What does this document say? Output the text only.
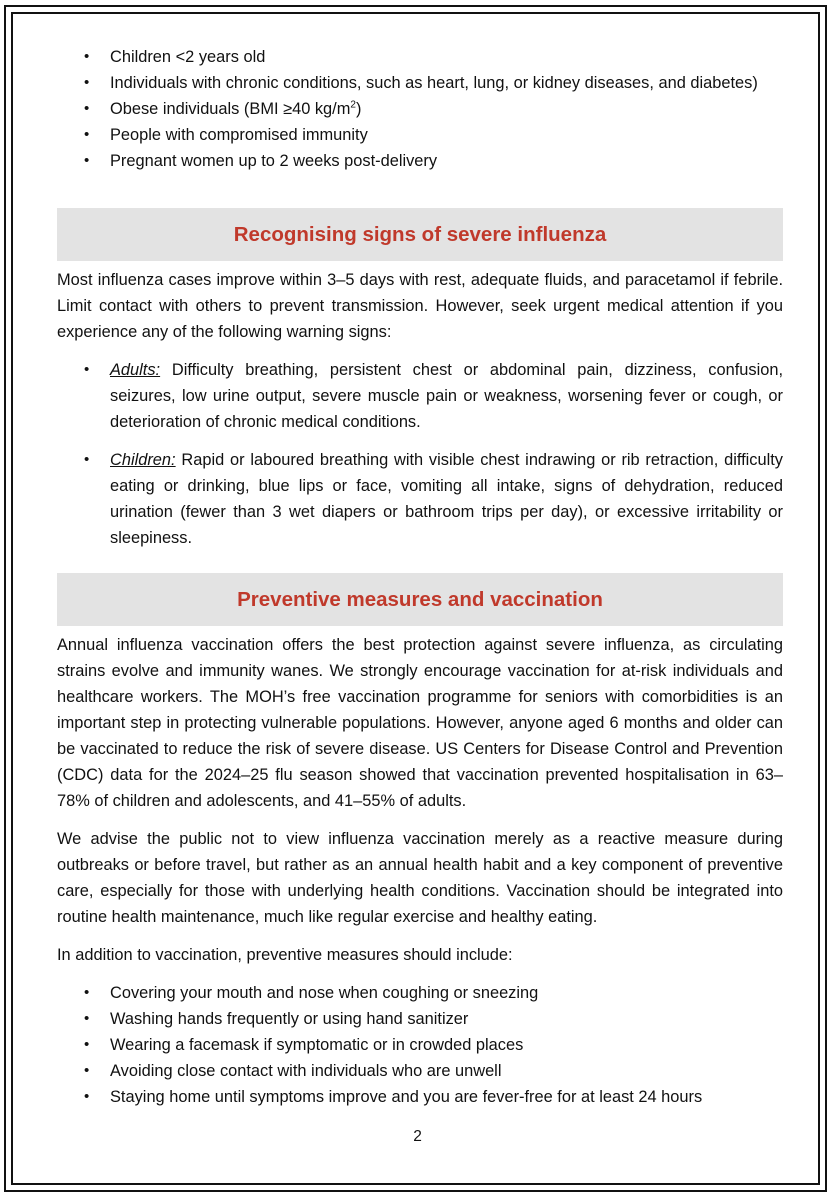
• Children <2 years old
• Individuals with chronic conditions, such as heart, lung, or kidney diseases, and diabetes)
• Obese individuals (BMI ≥40 $kg/m^2$)
• People with compromised immunity
• Pregnant women up to 2 weeks post-delivery
Recognising signs of severe influenza

Most influenza cases improve within 3–5 days with rest, adequate fluids, and paracetamol if febrile. Limit contact with others to prevent transmission. However, seek urgent medical attention if you experience any of the following warning signs:

• Adults: Difficulty breathing, persistent chest or abdominal pain, dizziness, confusion, seizures, low urine output, severe muscle pain or weakness, worsening fever or cough, or deterioration of chronic medical conditions.
• Children: Rapid or laboured breathing with visible chest indrawing or rib retraction, difficulty eating or drinking, blue lips or face, vomiting all intake, signs of dehydration, reduced urination (fewer than 3 wet diapers or bathroom trips per day), or excessive irritability or sleepiness.
Preventive measures and vaccination

Annual influenza vaccination offers the best protection against severe influenza, as circulating strains evolve and immunity wanes. We strongly encourage vaccination for at-risk individuals and healthcare workers. The MOH’s free vaccination programme for seniors with comorbidities is an important step in protecting vulnerable populations. However, anyone aged 6 months and older can be vaccinated to reduce the risk of severe disease. US Centers for Disease Control and Prevention (CDC) data for the 2024–25 flu season showed that vaccination prevented hospitalisation in 63–78% of children and adolescents, and 41–55% of adults.

We advise the public not to view influenza vaccination merely as a reactive measure during outbreaks or before travel, but rather as an annual health habit and a key component of preventive care, especially for those with underlying health conditions. Vaccination should be integrated into routine health maintenance, much like regular exercise and healthy eating.

In addition to vaccination, preventive measures should include:

• Covering your mouth and nose when coughing or sneezing
• Washing hands frequently or using hand sanitizer
• Wearing a facemask if symptomatic or in crowded places
• Avoiding close contact with individuals who are unwell
• Staying home until symptoms improve and you are fever-free for at least 24 hours
2
